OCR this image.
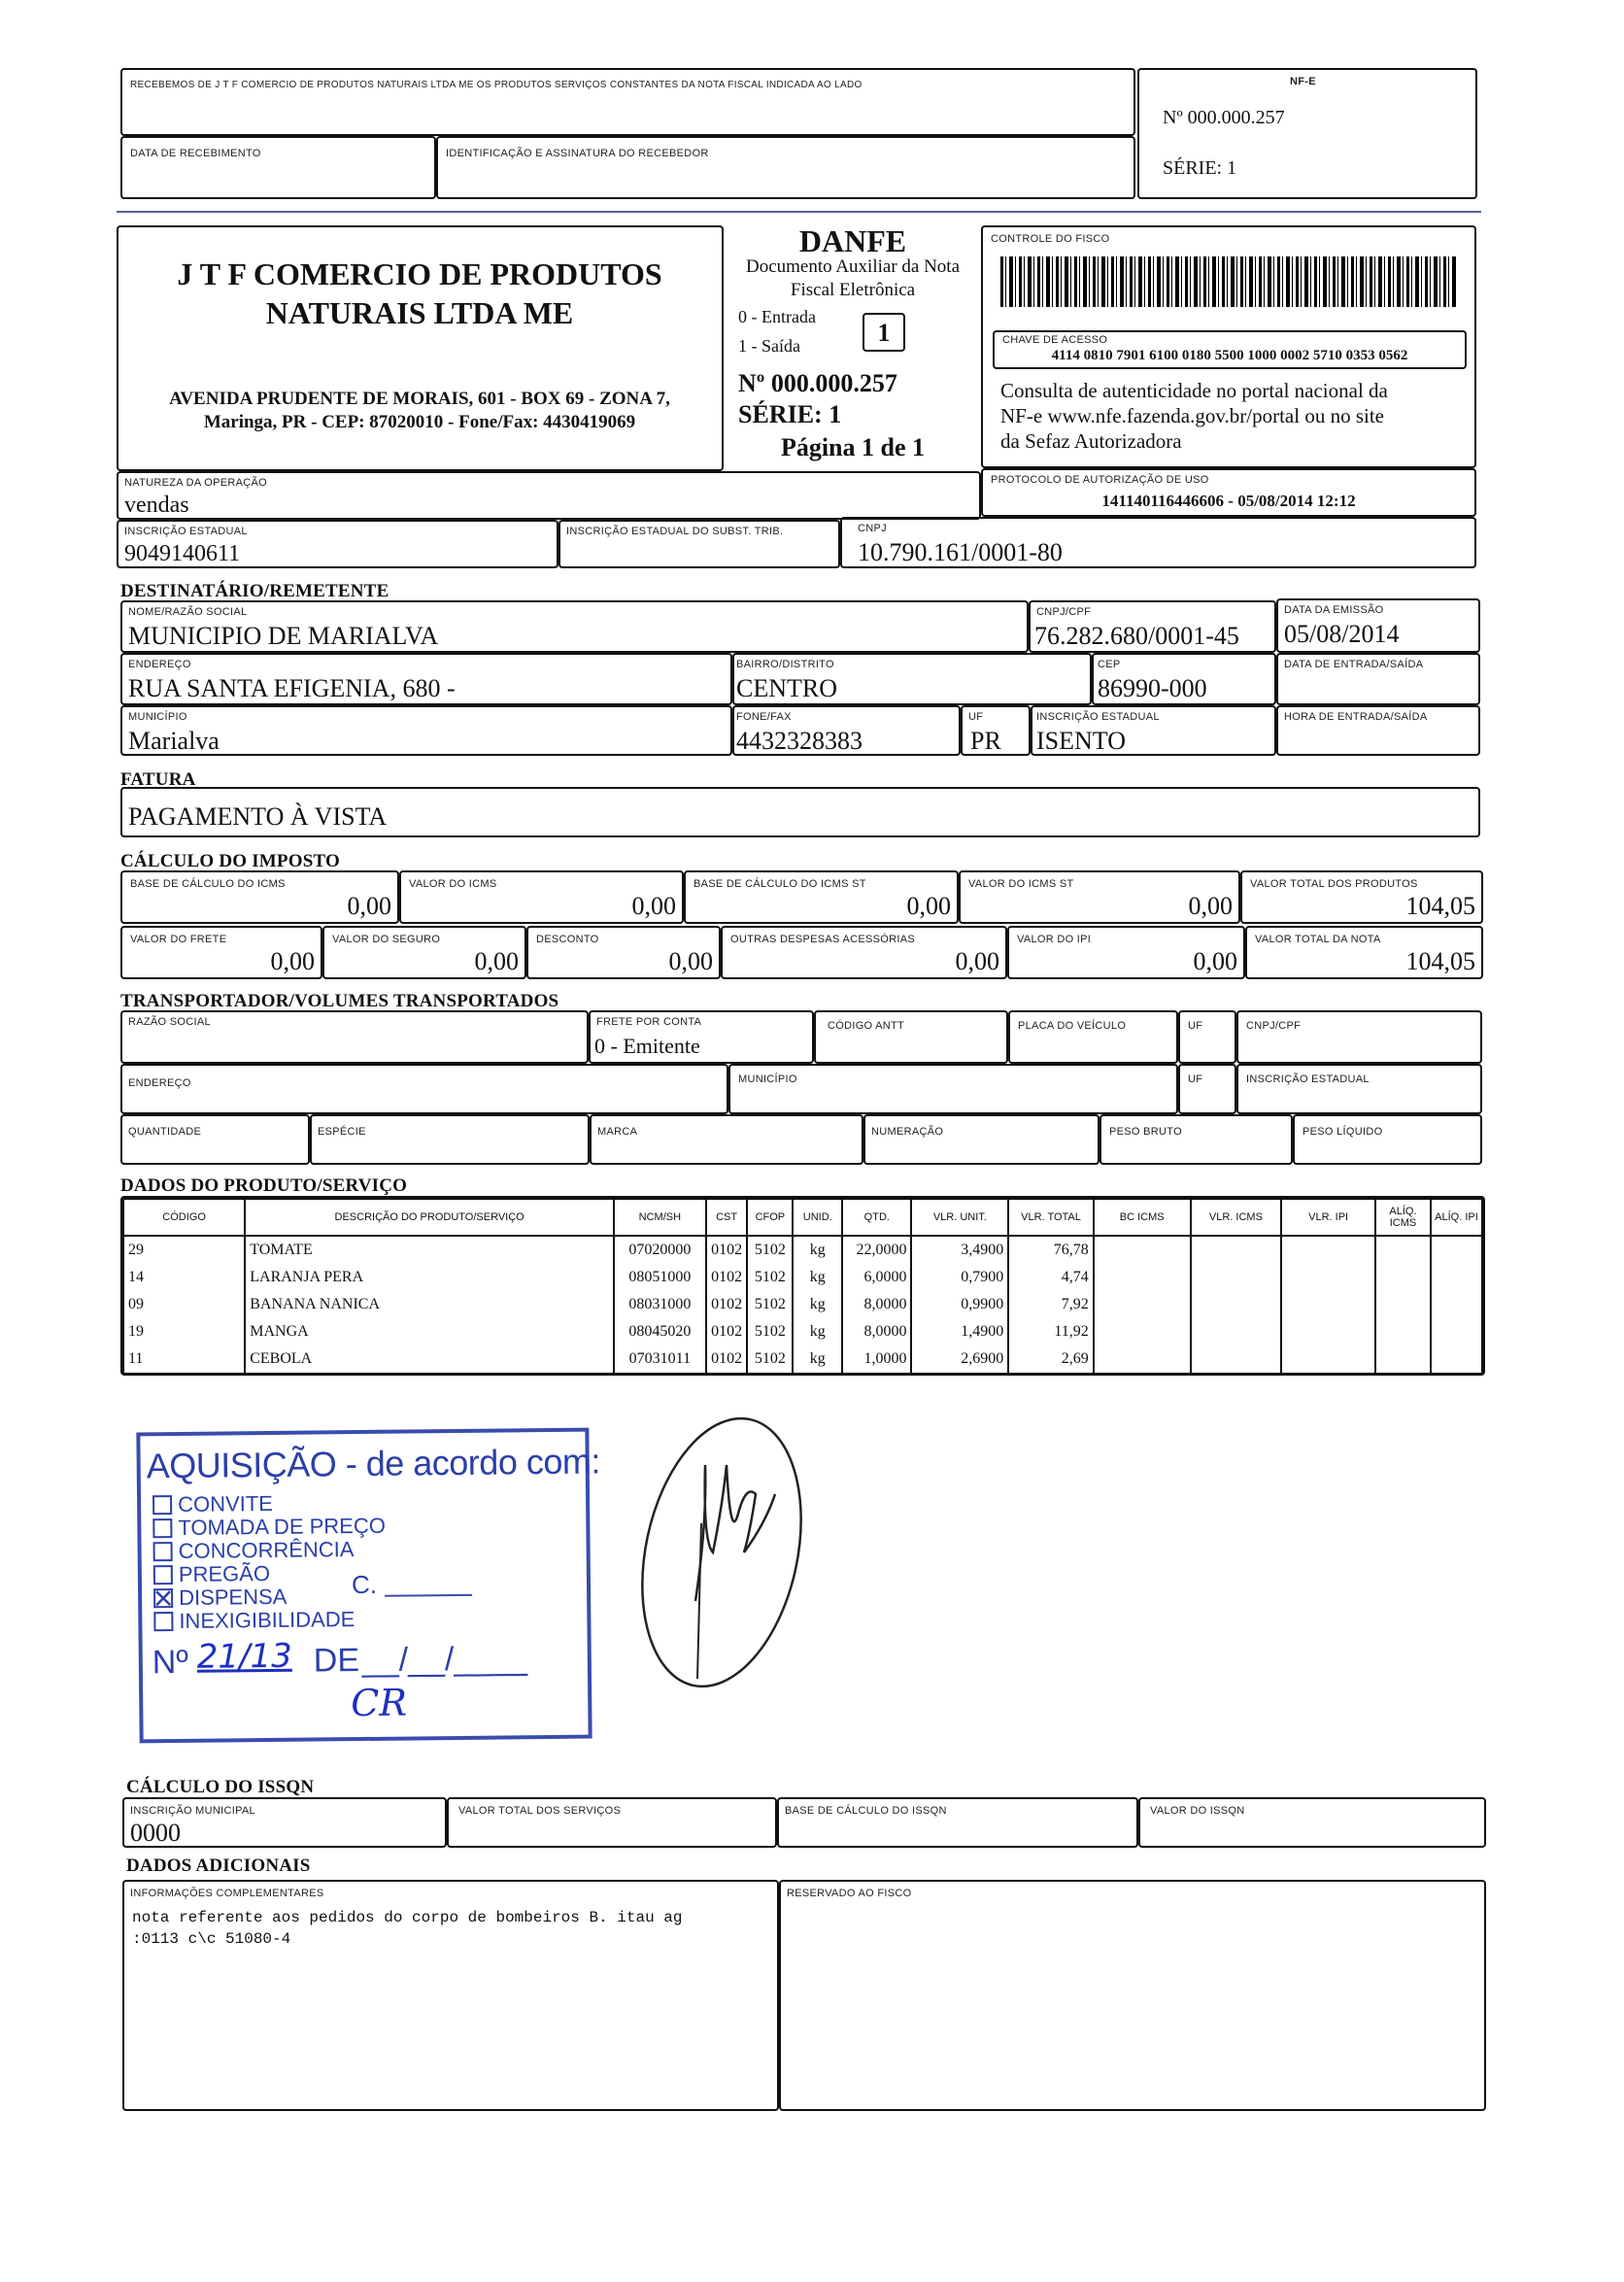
RECEBEMOS DE J T F COMERCIO DE PRODUTOS NATURAIS LTDA ME OS PRODUTOS SERVIÇOS CONSTANTES DA NOTA FISCAL INDICADA AO LADO
DATA DE RECEBIMENTO	IDENTIFICAÇÃO E ASSINATURA DO RECEBEDOR
NF-E
Nº 000.000.257
SÉRIE: 1
J T F COMERCIO DE PRODUTOS
NATURAIS LTDA ME
AVENIDA PRUDENTE DE MORAIS, 601 - BOX 69 - ZONA 7,
Maringa, PR - CEP: 87020010 - Fone/Fax: 4430419069
DANFE
Documento Auxiliar da Nota
Fiscal Eletrônica
0 - Entrada
1 - Saída	1
Nº 000.000.257
SÉRIE: 1
Página 1 de 1
CONTROLE DO FISCO
CHAVE DE ACESSO
4114 0810 7901 6100 0180 5500 1000 0002 5710 0353 0562
Consulta de autenticidade no portal nacional da
NF-e www.nfe.fazenda.gov.br/portal ou no site
da Sefaz Autorizadora
NATUREZA DA OPERAÇÃO
vendas
PROTOCOLO DE AUTORIZAÇÃO DE USO
141140116446606 - 05/08/2014 12:12
INSCRIÇÃO ESTADUAL
9049140611
INSCRIÇÃO ESTADUAL DO SUBST. TRIB.	CNPJ
10.790.161/0001-80
DESTINATÁRIO/REMETENTE
NOME/RAZÃO SOCIAL
MUNICIPIO DE MARIALVA
CNPJ/CPF
76.282.680/0001-45
DATA DA EMISSÃO
05/08/2014
ENDEREÇO
RUA SANTA EFIGENIA, 680 -
BAIRRO/DISTRITO
CENTRO
CEP
86990-000
DATA DE ENTRADA/SAÍDA
MUNICÍPIO
Marialva
FONE/FAX
4432328383
UF
PR
INSCRIÇÃO ESTADUAL
ISENTO
HORA DE ENTRADA/SAÍDA
FATURA
PAGAMENTO À VISTA
CÁLCULO DO IMPOSTO
BASE DE CÁLCULO DO ICMS
0,00
VALOR DO ICMS
0,00
BASE DE CÁLCULO DO ICMS ST
0,00
VALOR DO ICMS ST
0,00
VALOR TOTAL DOS PRODUTOS
104,05
VALOR DO FRETE
0,00
VALOR DO SEGURO
0,00
DESCONTO
0,00
OUTRAS DESPESAS ACESSÓRIAS
0,00
VALOR DO IPI
0,00
VALOR TOTAL DA NOTA
104,05
TRANSPORTADOR/VOLUMES TRANSPORTADOS
RAZÃO SOCIAL	FRETE POR CONTA
0 - Emitente
CÓDIGO ANTT	PLACA DO VEÍCULO	UF	CNPJ/CPF
ENDEREÇO	MUNICÍPIO	UF	INSCRIÇÃO ESTADUAL
QUANTIDADE	ESPÉCIE	MARCA	NUMERAÇÃO	PESO BRUTO	PESO LÍQUIDO
DADOS DO PRODUTO/SERVIÇO
CÓDIGO	DESCRIÇÃO DO PRODUTO/SERVIÇO	NCM/SH	CST	CFOP	UNID.	QTD.	VLR. UNIT.	VLR. TOTAL	BC ICMS	VLR. ICMS	VLR. IPI	ALÍQ. ICMS	ALÍQ. IPI
29	TOMATE	07020000	0102	5102	kg	22,0000	3,4900	76,78					
14	LARANJA PERA	08051000	0102	5102	kg	6,0000	0,7900	4,74					
09	BANANA NANICA	08031000	0102	5102	kg	8,0000	0,9900	7,92					
19	MANGA	08045020	0102	5102	kg	8,0000	1,4900	11,92					
11	CEBOLA	07031011	0102	5102	kg	1,0000	2,6900	2,69					
AQUISIÇÃO - de acordo com:
CONVITE
TOMADA DE PREÇO
CONCORRÊNCIA
PREGÃO
DISPENSA
INEXIGIBILIDADE
C.
Nº 21/13 DE __/__/____
CR
CÁLCULO DO ISSQN
INSCRIÇÃO MUNICIPAL
0000
VALOR TOTAL DOS SERVIÇOS	BASE DE CÁLCULO DO ISSQN	VALOR DO ISSQN
DADOS ADICIONAIS
INFORMAÇÕES COMPLEMENTARES
nota referente aos pedidos do corpo de bombeiros B. itau ag
:0113 c\c 51080-4
RESERVADO AO FISCO
